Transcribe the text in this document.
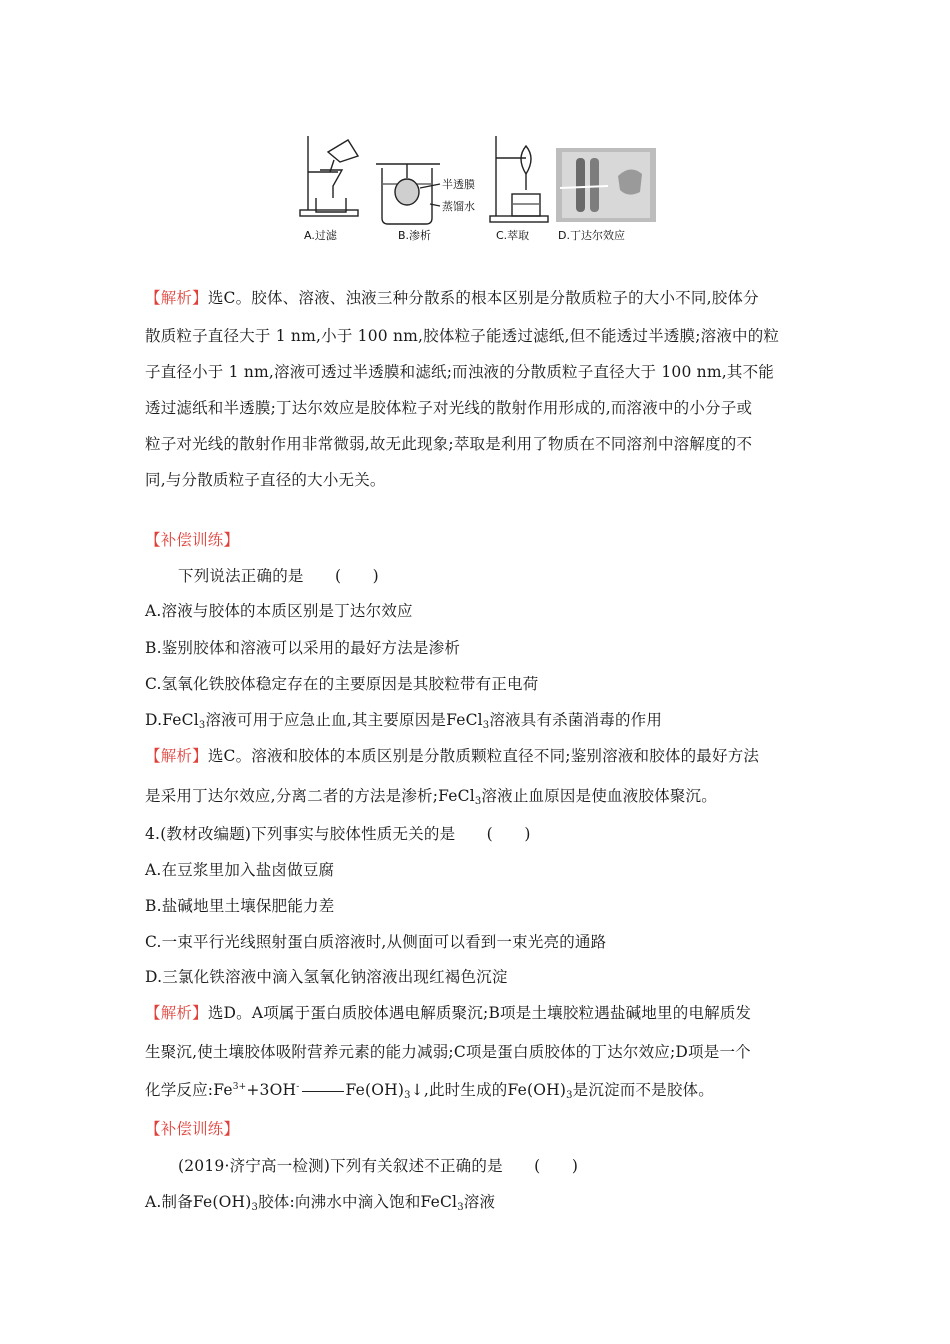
A.过滤
半透膜
蒸馏水
B.渗析	C.萃取	D.丁达尔效应
【解析】选C。胶体、溶液、浊液三种分散系的根本区别是分散质粒子的大小不同,胶体分
散质粒子直径大于 1 nm,小于 100 nm,胶体粒子能透过滤纸,但不能透过半透膜;溶液中的粒
子直径小于 1 nm,溶液可透过半透膜和滤纸;而浊液的分散质粒子直径大于 100 nm,其不能
透过滤纸和半透膜;丁达尔效应是胶体粒子对光线的散射作用形成的,而溶液中的小分子或
粒子对光线的散射作用非常微弱,故无此现象;萃取是利用了物质在不同溶剂中溶解度的不
同,与分散质粒子直径的大小无关。
【补偿训练】
下列说法正确的是　　(　　)
A.溶液与胶体的本质区别是丁达尔效应
B.鉴别胶体和溶液可以采用的最好方法是渗析
C.氢氧化铁胶体稳定存在的主要原因是其胶粒带有正电荷
D.FeCl3溶液可用于应急止血,其主要原因是FeCl3溶液具有杀菌消毒的作用
【解析】选C。溶液和胶体的本质区别是分散质颗粒直径不同;鉴别溶液和胶体的最好方法
是采用丁达尔效应,分离二者的方法是渗析;FeCl3溶液止血原因是使血液胶体聚沉。
4.(教材改编题)下列事实与胶体性质无关的是　　(　　)
A.在豆浆里加入盐卤做豆腐
B.盐碱地里土壤保肥能力差
C.一束平行光线照射蛋白质溶液时,从侧面可以看到一束光亮的通路
D.三氯化铁溶液中滴入氢氧化钠溶液出现红褐色沉淀
【解析】选D。A项属于蛋白质胶体遇电解质聚沉;B项是土壤胶粒遇盐碱地里的电解质发
生聚沉,使土壤胶体吸附营养元素的能力减弱;C项是蛋白质胶体的丁达尔效应;D项是一个
化学反应$:Fe^{3+}+3OH^-$	Fe(OH)3↓,此时生成的Fe(OH)3是沉淀而不是胶体。
【补偿训练】
(2019·济宁高一检测)下列有关叙述不正确的是　　(　　)
A.制备Fe(OH)3胶体:向沸水中滴入饱和FeCl3溶液
